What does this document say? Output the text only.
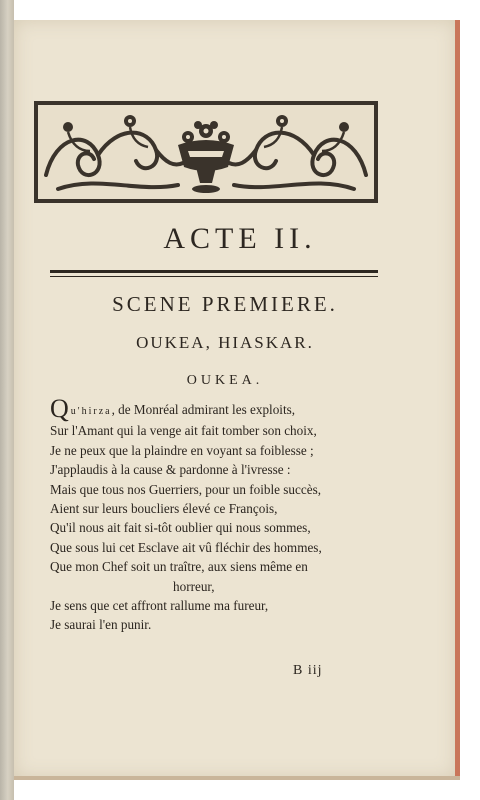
ACTE II.
SCENE PREMIERE.
OUKEA, HIASKAR.
OUKEA.
Qu'hirza, de Monréal admirant les exploits,
Sur l'Amant qui la venge ait fait tomber son choix,
Je ne peux que la plaindre en voyant sa foiblesse ;
J'applaudis à la cause & pardonne à l'ivresse :
Mais que tous nos Guerriers, pour un foible succès,
Aient sur leurs boucliers élevé ce François,
Qu'il nous ait fait si-tôt oublier qui nous sommes,
Que sous lui cet Esclave ait vû fléchir des hommes,
Que mon Chef soit un traître, aux siens même en
horreur,
Je sens que cet affront rallume ma fureur,
Je saurai l'en punir.
B iij
